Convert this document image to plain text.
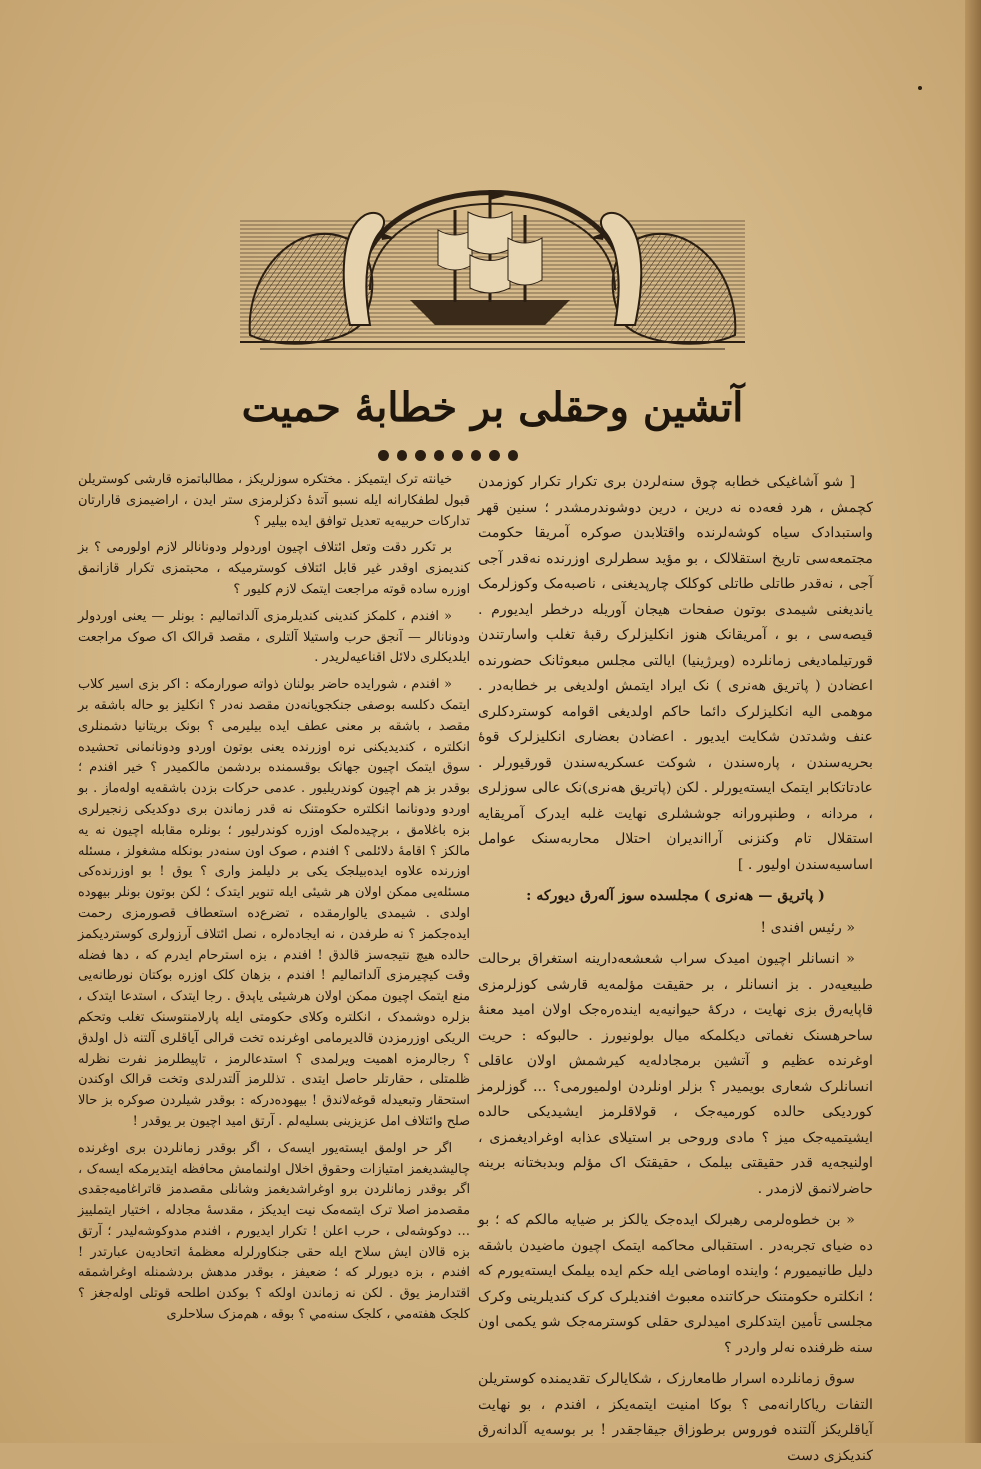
آتشین وحقلی بر خطابهٔ حمیت

[ شو آشاغیکی خطابه چوق سنه‌لردن بری تکرار تکرار کوزمدن کچمش ، هرد فعه‌ده نه درین ، درین دوشوندرمشدر ؛ سنین قهر واستبدادک سیاه کوشه‌لرنده واقتلابدن صوکره آمریقا حکومت مجتمعه‌سی تاریخ استقلالک ، بو مؤید سطرلری اوزرنده نه‌قدر آجی آجی ، نه‌قدر طاتلی طاتلی کوکلک چارپدیغنی ، ناصبه‌مک وکوزلرمک یاندیغنی شیمدی بوتون صفحات هیجان آوریله درخطر ایدیورم . قیصه‌سی ، بو ، آمریقانک هنوز انکلیزلرک رقبهٔ تغلب واسارتندن قورتیلمادیغی زمانلرده (ویرژینیا) ایالتی مجلس مبعوثانک حضورنده اعضادن ( پاتریق هه‌نری ) نک ایراد ایتمش اولدیغی بر خطابه‌در . موهمی اليه انکلیزلرک دائما حاکم اولدیغی اقوامه کوستردکلری عنف وشدتدن شکایت ایدیور . اعضادن بعضاری انکلیزلرک قوهٔ بحریه‌سندن ، پاره‌سندن ، شوکت عسکریه‌سندن قورقیورلر . عادتاتکابر ایتمک ایسته‌یورلر . لکن (پاتریق هه‌نری)نک عالی سوزلری ، مردانه ، وطنپرورانه جوششلری نهایت غلبه ایدرک آمریقایه استقلال تام وکنزنی‌ آرااندیران احتلال محاربه‌سنک عوامل اساسیه‌سندن اولیور . ]

( پاتریق — هه‌نری ) مجلسده سوز آله‌رق دیورکه :

« رئیس افندی !

« انسانلر اچیون امیدک سراب شعشعه‌دارینه استغراق برحالت طبیعیه‌در . بز انسانلر ، بر حقیقت مؤلمه‌یه قارشی کوزلرمزی قاپایه‌رق بزی نهایت ، درکهٔ حیوانیه‌یه اینده‌ره‌جک اولان امید معنهٔ ساحرهسنک نغماتی دیکلمکه میال بولونیورز . حالبوکه : حریت اوغرنده عظیم و آتشین برمجادله‌یه کیرشمش اولان عاقلی انسانلرک شعاری بویمیدر ؟ بزلر اونلردن اولمیورمی؟ ... گوزلرمز کوردیکی حالده کورمیه‌جک ، قولاقلرمز ایشیدیکی حالده ایشیتمیه‌جک میز ؟ مادی وروحی بر استیلای عذابه اوغرادیغمزی ، اولنیجه‌یه قدر حقیقتی بیلمک ، حقیقتک اک مؤلم وبدبختانه برینه حاضرلانمق لازمدر .

« بن خطوه‌لرمی رهبرلک ایده‌جک یالکز بر ضیایه مالکم که ؛ بو ده ضیای تجربه‌در . استقبالی محاکمه ایتمک اچیون ماضیدن باشقه دلیل طانیمیورم ؛ واینده اوماضی ایله حکم ایده بیلمک ایسته‌یورم که ؛ انکلتره حکومتنک حرکاتنده معبوث افندیلرک کرک کندیلرینی وکرک مجلسی تأمین ایتدکلری امیدلری حقلی کوسترمه‌جک شو یکمی اون سنه ظرفنده نه‌لر واردر ؟

سوق زمانلرده اسرار طامعارزک ، شکایالرک تقدیمنده کوستریلن التفات ریاکارانه‌می ؟ بوکا امنیت ایتمه‌یکز ، افندم ، بو نهایت آیاقلریکز آلتنده فوروس برطوزاق جیقاجقدر ! بر بوسه‌یه آلدانه‌رق کندیکزی دست

خیانته ترک ایتمیکز . مختکره سوزلریکز ، مطالباتمزه قارشی کوستریلن قبول لطفکارانه ایله نسبو آتدهٔ دکزلرمزی ستر ایدن ، اراضیمزی قارارتان تدارکات حربیه‌یه تعدیل توافق ایده بیلیر ؟

بر تکرر دقت وتعل ائتلاف اچیون اوردولر ودونانالر لازم اولورمی ؟ بز کندیمزی اوقدر غیر قابل ائتلاف کوسترمیکه ، محبتمزی تکرار قازانمق اوزره ساده قوته مراجعت ایتمک لازم کلیور ؟

« افندم ، کلمکز کندینی کندیلرمزی آلداتمالیم : بونلر — یعنی اوردولر ودونانالر — آنجق حرب واستیلا آلتلری ، مقصد قرالک اک صوک مراجعت ایلدیکلری دلائل اقناعیه‌لریدر .

« افندم ، شورایده حاضر بولنان ذواته صورارمکه : اکر بزی اسیر کلاب ایتمک دکلسه بوصفی جنکجویانه‌دن مقصد نه‌در ؟ انکلیز بو حاله باشقه بر مقصد ، باشقه بر معنی عطف ایده بیلیرمی ؟ بونک بریتانیا دشمنلری انکلتره ، کندیدیکنی نره اوزرنده یعنی بوتون اوردو ودونانمانی تحشیده سوق ایتمک اچیون جهانک بوقسمنده بردشمن مالکمیدر ؟ خیر افندم ؛ بوقدر بز هم اچیون کوندریلیور . عدمی حرکات بزدن باشقه‌یه اوله‌ماز . بو اوردو ودونانما انکلتره حکومتنک نه قدر زماندن بری دوکدیکی زنجیرلری بزه باغلامق ، برچیده‌لمک اوزره کوندرلیور ؛ بونلره مقابله اچیون نه یه مالکز ؟ اقامهٔ دلائلمی ؟ افندم ، صوک اون سنه‌در بونکله مشغولز ، مسئله اوزرنده علاوه ایده‌بیلجک یکی بر دلیلمز واری ؟ یوق ! بو اوزرنده‌کی مسئله‌یی ممکن اولان هر شیئی ایله تنویر ایتدک ؛ لکن بوتون بونلر بیهوده اولدی . شیمدی یالوارمقده ، تضرع‌ده استعطاف قصورمزی رحمت ایده‌جکمز ؟ نه طرفدن ، نه ایجاده‌لره ، نصل ائتلاف آرزولری کوستردیکمز حالده هیچ نتیجه‌سز قالدق ! افندم ، بزه استرحام ایدرم که ، دها فضله وقت کیچیرمزی آلداتمالیم ! افندم ، بزهان کلک اوزره بوکتان نورطانه‌یی منع ایتمک اچیون ممکن اولان هرشیئی یاپدق . رجا ایتدک ، استدعا ایتدک ، بزلره دوشمدک ، انکلتره وکلای حکومتی ایله پارلامنتوسنک تغلب وتحکم الریکی اوزرمزدن قالدیرمامی اوغرنده تخت قرالی آیاقلری آلتنه ذل اولدق ؟ رجالرمزه اهمیت ویرلمدی ؟ استدعالرمز ، تاپیطلرمز نفرت نظرله ظلمتلی ، حقارتلر حاصل ایتدی . تذللرمز آلتدرلدی وتخت قرالک اوکندن استحقار وتبعیدله قوغه‌لاندق ! بیهوده‌درکه : بوقدر شیلردن صوکره بز حالا صلح وائتلاف امل عزیزینی بسلیه‌لم . آرتق امید اچیون بر یوقدر !

اگر حر اولمق ایسته‌یور ایسه‌ک ، اگر بوقدر زمانلردن بری اوغرنده چالیشدیغمز امتیازات وحقوق اخلال اولنمامش محافظه ایتدیرمکه ایسه‌ک ، اگر بوقدر زمانلردن برو اوغراشدیغمز وشانلی مقصدمز قاتراغامیه‌جقدی مقصدمز اصلا ترک ایتمه‌مک نیت ایدیکز ، مقدسهٔ مجادله ، اختیار ایتملییز … دوکوشه‌لی ، حرب اعلن ! تکرار ایدیورم ، افندم مدوکوشه‌لیدر ؛ آرتق بزه قالان ایش سلاح ایله حقی جنکاورلرله معظمهٔ اتحادیه‌ن عبارتدر ! افندم ، بزه دیورلر که ؛ ضعیفز ، بوقدر مدهش بردشمنله اوغراشمقه اقتدارمز یوق . لکن نه زماندن اولکه ؟ بوکدن اطلحه قوتلی اوله‌جغز ؟ کلجک هفته‌مي ، کلجک سنه‌مي ؟ بوقه ، هم‌مزک سلاحلری
